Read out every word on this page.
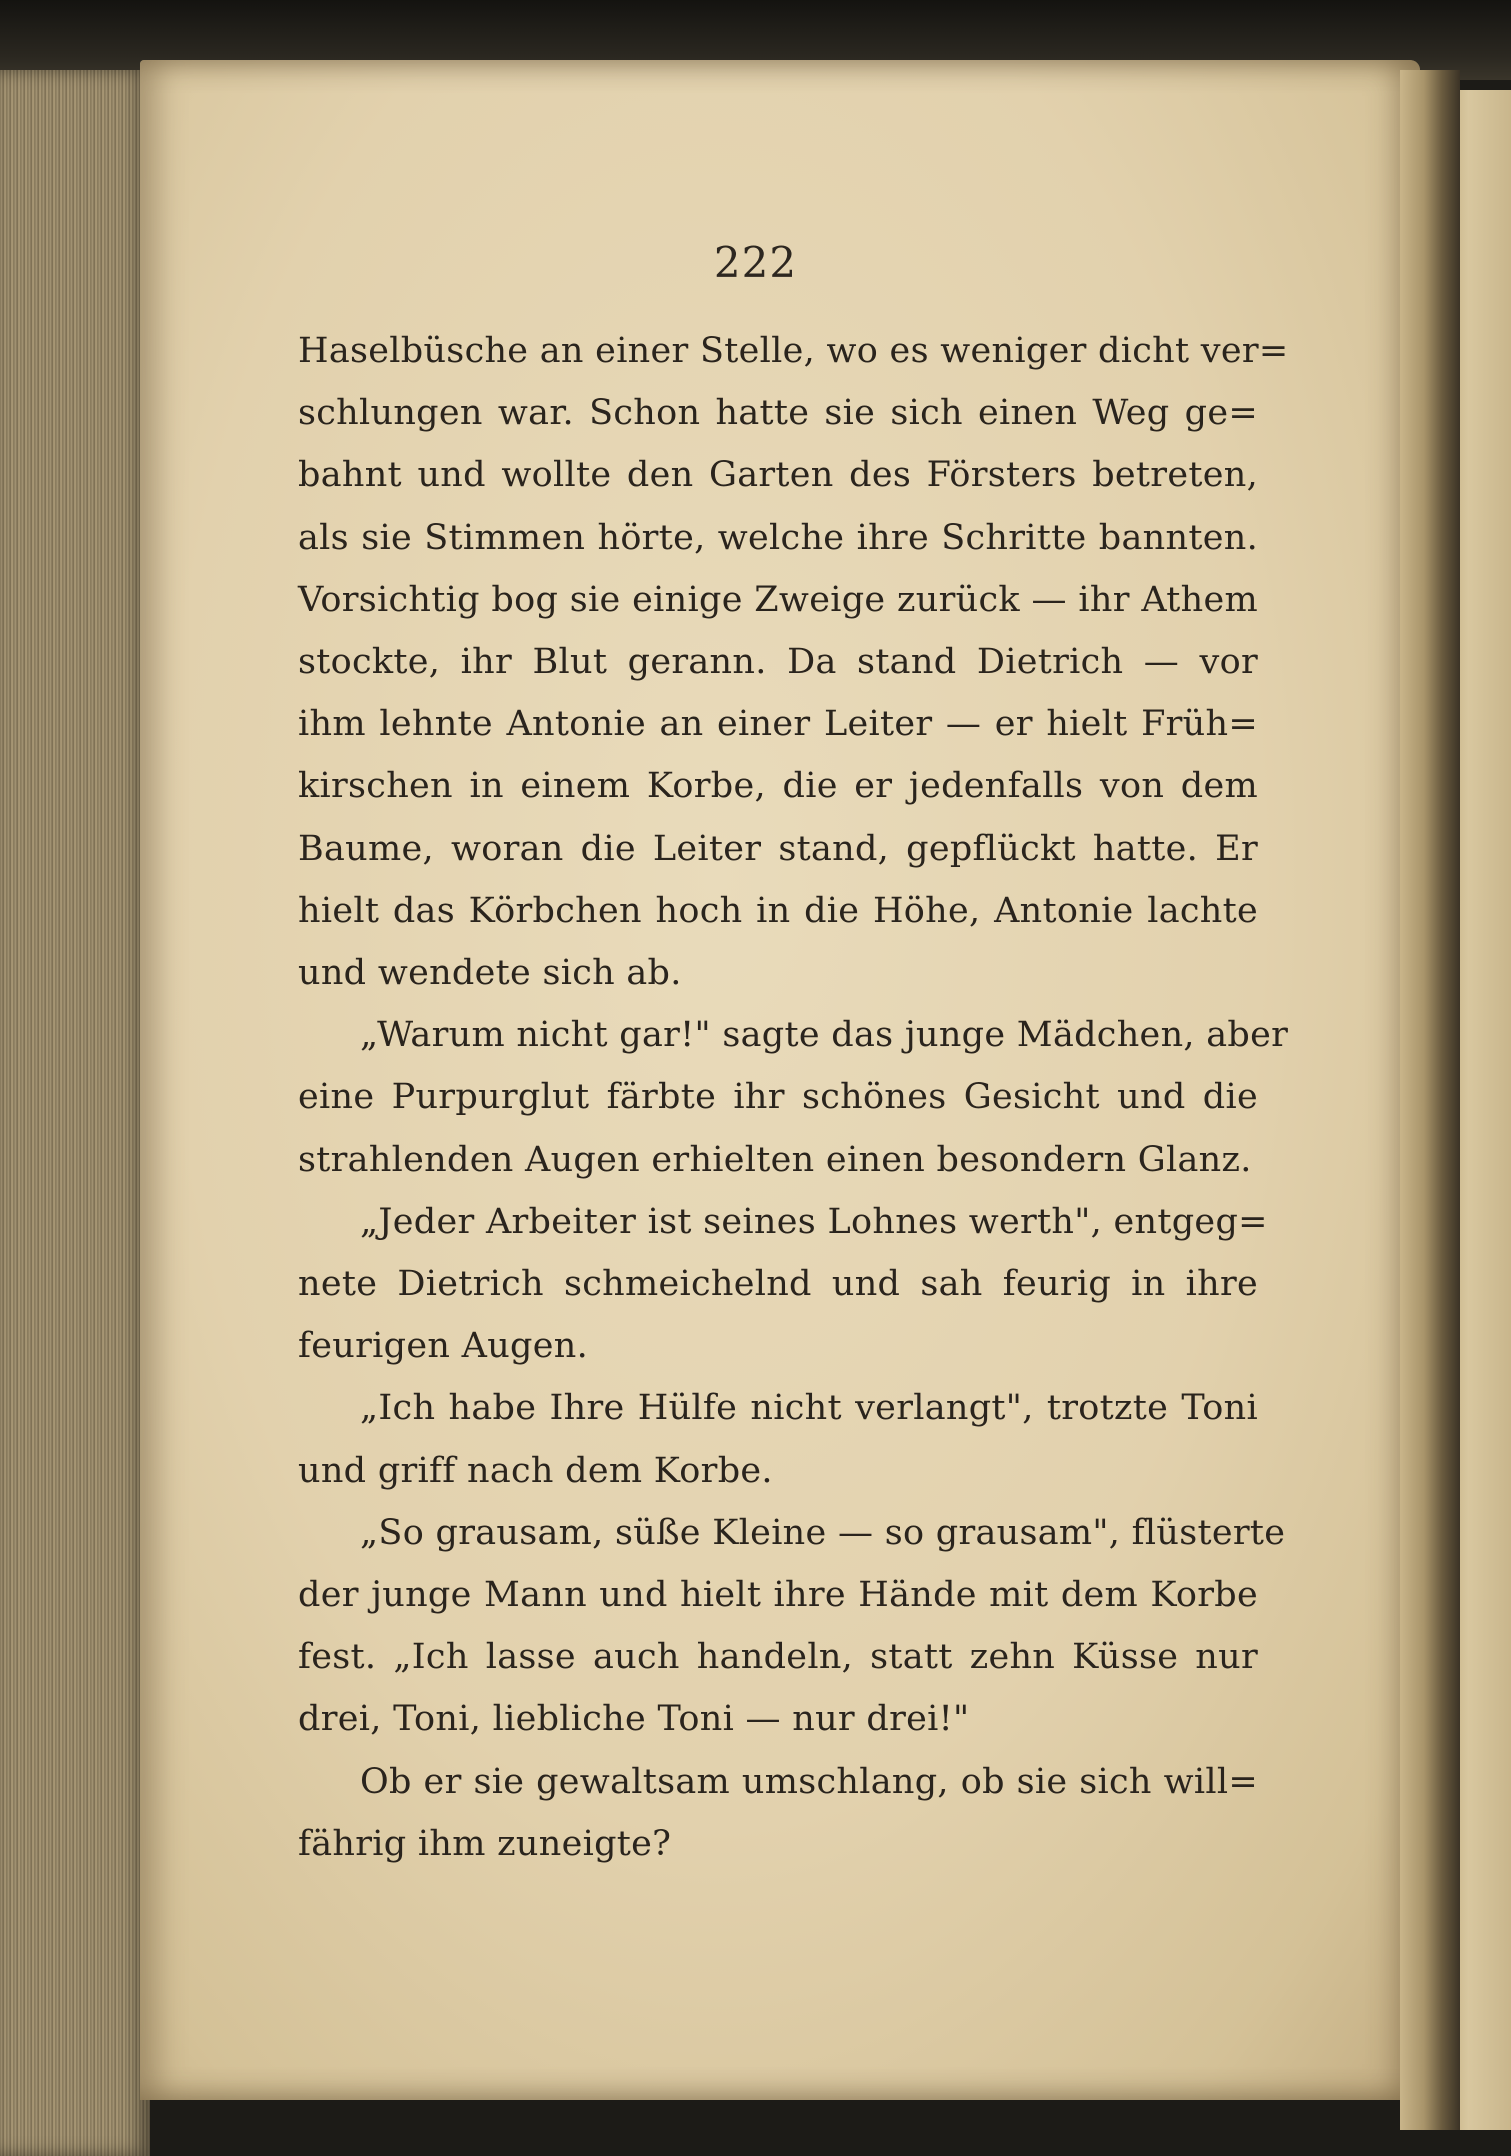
222
Haselbüsche an einer Stelle, wo es weniger dicht ver=
schlungen war. Schon hatte sie sich einen Weg ge=
bahnt und wollte den Garten des Försters betreten,
als sie Stimmen hörte, welche ihre Schritte bannten.
Vorsichtig bog sie einige Zweige zurück — ihr Athem
stockte, ihr Blut gerann. Da stand Dietrich — vor
ihm lehnte Antonie an einer Leiter — er hielt Früh=
kirschen in einem Korbe, die er jedenfalls von dem
Baume, woran die Leiter stand, gepflückt hatte. Er
hielt das Körbchen hoch in die Höhe, Antonie lachte
und wendete sich ab.
„Warum nicht gar!" sagte das junge Mädchen, aber
eine Purpurglut färbte ihr schönes Gesicht und die
strahlenden Augen erhielten einen besondern Glanz.
„Jeder Arbeiter ist seines Lohnes werth", entgeg=
nete Dietrich schmeichelnd und sah feurig in ihre
feurigen Augen.
„Ich habe Ihre Hülfe nicht verlangt", trotzte Toni
und griff nach dem Korbe.
„So grausam, süße Kleine — so grausam", flüsterte
der junge Mann und hielt ihre Hände mit dem Korbe
fest. „Ich lasse auch handeln, statt zehn Küsse nur
drei, Toni, liebliche Toni — nur drei!"
Ob er sie gewaltsam umschlang, ob sie sich will=
fährig ihm zuneigte?
